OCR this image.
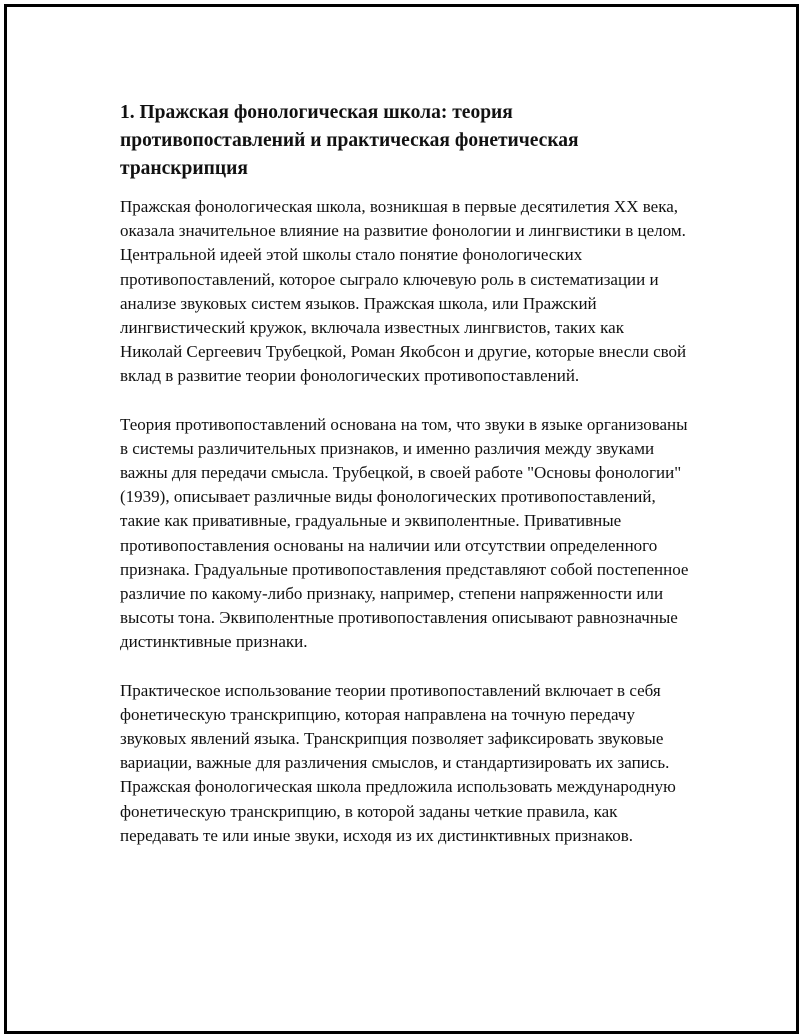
1. Пражская фонологическая школа: теория противопоставлений и практическая фонетическая транскрипция

Пражская фонологическая школа, возникшая в первые десятилетия XX века, оказала значительное влияние на развитие фонологии и лингвистики в целом. Центральной идеей этой школы стало понятие фонологических противопоставлений, которое сыграло ключевую роль в систематизации и анализе звуковых систем языков. Пражская школа, или Пражский лингвистический кружок, включала известных лингвистов, таких как Николай Сергеевич Трубецкой, Роман Якобсон и другие, которые внесли свой вклад в развитие теории фонологических противопоставлений.

Теория противопоставлений основана на том, что звуки в языке организованы в системы различительных признаков, и именно различия между звуками важны для передачи смысла. Трубецкой, в своей работе "Основы фонологии" (1939), описывает различные виды фонологических противопоставлений, такие как привативные, градуальные и эквиполентные. Привативные противопоставления основаны на наличии или отсутствии определенного признака. Градуальные противопоставления представляют собой постепенное различие по какому-либо признаку, например, степени напряженности или высоты тона. Эквиполентные противопоставления описывают равнозначные дистинктивные признаки.

Практическое использование теории противопоставлений включает в себя фонетическую транскрипцию, которая направлена на точную передачу звуковых явлений языка. Транскрипция позволяет зафиксировать звуковые вариации, важные для различения смыслов, и стандартизировать их запись. Пражская фонологическая школа предложила использовать международную фонетическую транскрипцию, в которой заданы четкие правила, как передавать те или иные звуки, исходя из их дистинктивных признаков.
